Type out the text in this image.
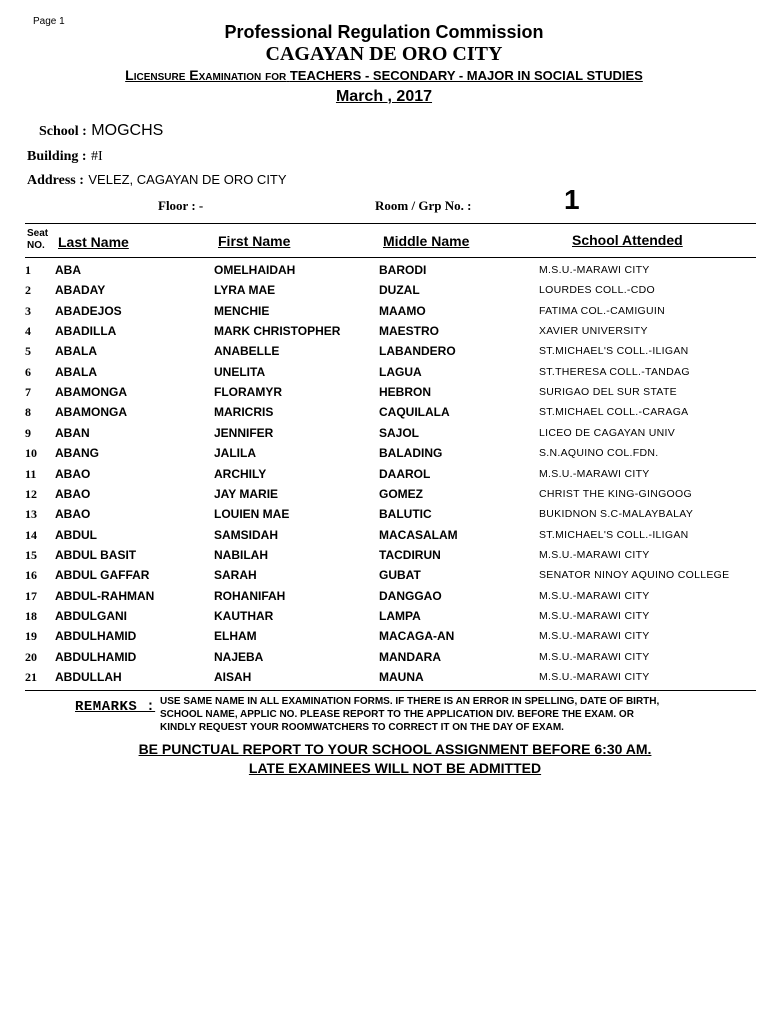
Page 1
Professional Regulation Commission
CAGAYAN DE ORO CITY
Licensure Examination for TEACHERS - SECONDARY - MAJOR IN SOCIAL STUDIES
March , 2017
School : MOGCHS
Building : #I
Address : VELEZ, CAGAYAN DE ORO CITY
Floor : -	Room / Grp No. :	1
Seat
NO. Last Name	First Name	Middle Name	School Attended
1 ABA	OMELHAIDAH	BARODI	M.S.U.-MARAWI CITY
2 ABADAY	LYRA MAE	DUZAL	LOURDES COLL.-CDO
3 ABADEJOS	MENCHIE	MAAMO	FATIMA COL.-CAMIGUIN
4 ABADILLA	MARK CHRISTOPHER	MAESTRO	XAVIER UNIVERSITY
5 ABALA	ANABELLE	LABANDERO	ST.MICHAEL'S COLL.-ILIGAN
6 ABALA	UNELITA	LAGUA	ST.THERESA COLL.-TANDAG
7 ABAMONGA	FLORAMYR	HEBRON	SURIGAO DEL SUR STATE
8 ABAMONGA	MARICRIS	CAQUILALA	ST.MICHAEL COLL.-CARAGA
9 ABAN	JENNIFER	SAJOL	LICEO DE CAGAYAN UNIV
10 ABANG	JALILA	BALADING	S.N.AQUINO COL.FDN.
11 ABAO	ARCHILY	DAAROL	M.S.U.-MARAWI CITY
12 ABAO	JAY MARIE	GOMEZ	CHRIST THE KING-GINGOOG
13 ABAO	LOUIEN MAE	BALUTIC	BUKIDNON S.C-MALAYBALAY
14 ABDUL	SAMSIDAH	MACASALAM	ST.MICHAEL'S COLL.-ILIGAN
15 ABDUL BASIT	NABILAH	TACDIRUN	M.S.U.-MARAWI CITY
16 ABDUL GAFFAR	SARAH	GUBAT	SENATOR NINOY AQUINO COLLEGE
17 ABDUL-RAHMAN	ROHANIFAH	DANGGAO	M.S.U.-MARAWI CITY
18 ABDULGANI	KAUTHAR	LAMPA	M.S.U.-MARAWI CITY
19 ABDULHAMID	ELHAM	MACAGA-AN	M.S.U.-MARAWI CITY
20 ABDULHAMID	NAJEBA	MANDARA	M.S.U.-MARAWI CITY
21 ABDULLAH	AISAH	MAUNA	M.S.U.-MARAWI CITY
REMARKS : USE SAME NAME IN ALL EXAMINATION FORMS. IF THERE IS AN ERROR IN SPELLING, DATE OF BIRTH,
SCHOOL NAME, APPLIC NO. PLEASE REPORT TO THE APPLICATION DIV. BEFORE THE EXAM. OR
KINDLY REQUEST YOUR ROOMWATCHERS TO CORRECT IT ON THE DAY OF EXAM.
BE PUNCTUAL REPORT TO YOUR SCHOOL ASSIGNMENT BEFORE 6:30 AM.
LATE EXAMINEES WILL NOT BE ADMITTED
